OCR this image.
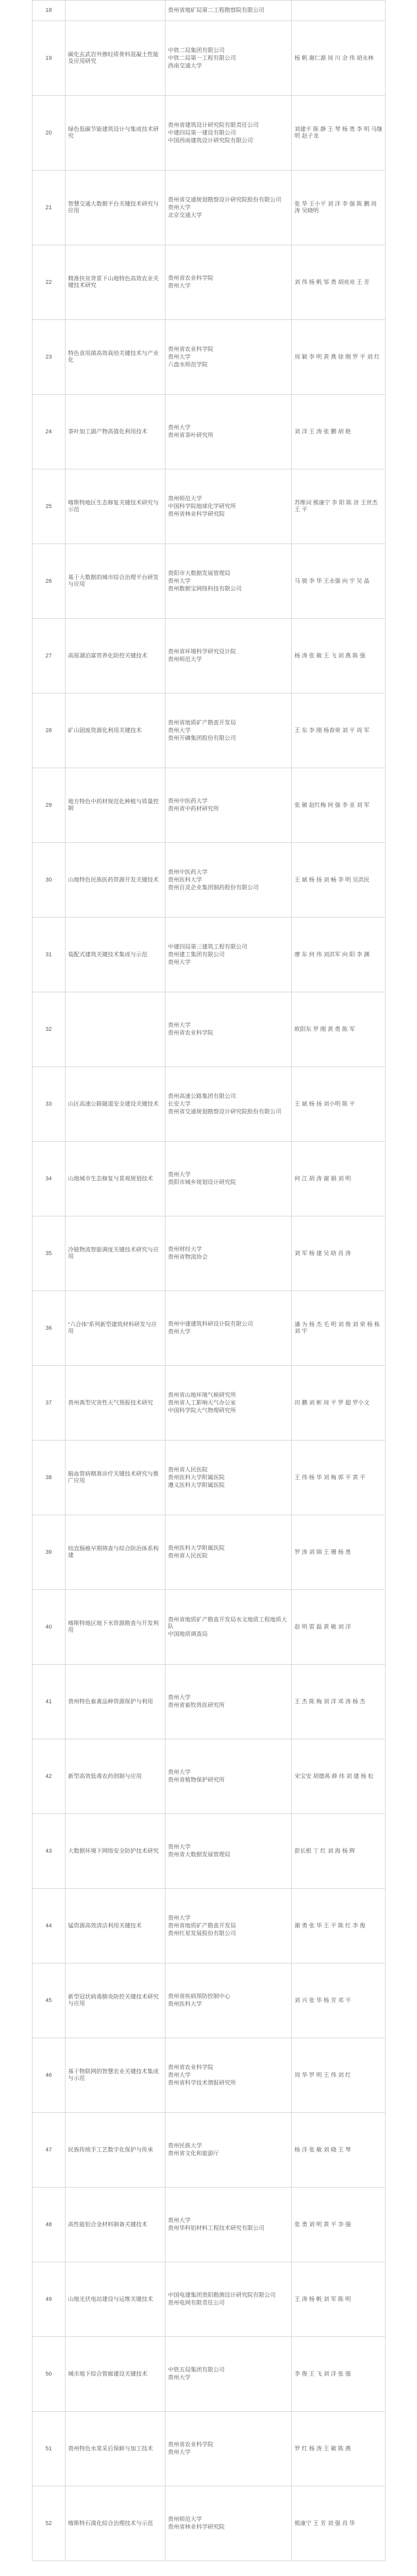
18		贵州省地矿局第二工程勘察院有限公司	

19	碳化玄武岩外掺轻质骨料混凝土性能及应用研究	中铁二局集团有限公司
中铁二局第一工程有限公司
西南交通大学	杨 帆 谢仁源 周 川 余 伟 胡永林
20	绿色低碳节能建筑设计与集成技术研究	贵州省建筑设计研究院有限责任公司
中建四局第一建设有限公司
中国西南建筑设计研究院有限公司	刘建平 陈 静 王 琴 杨 勇 李 明 马继明 赵子龙
21	智慧交通大数据平台关键技术研究与应用	贵州省交通规划勘察设计研究院股份有限公司
贵州大学
北京交通大学	张 华 王小平 刘 洋 李 强 陈 鹏 周 涛 吴晓明
22	精准扶贫背景下山地特色高效农业关键技术研究	贵州省农业科学院
贵州大学	刘 伟 杨 帆 邹 勇 胡亮亮 王 芳
23	特色食用菌高效栽培关键技术与产业化	贵州省农业科学院
贵州大学
六盘水师范学院	周 颖 李 明 黄 燕 徐 刚 罗 平 刘 红
24	茶叶加工副产物高值化利用技术	贵州大学
贵州省茶叶研究所	刘 洋 王 涛 张 鹏 胡 艳
25	喀斯特地区生态修复关键技术研究与示范	贵州师范大学
中国科学院地球化学研究所
贵州省林业科学研究院	苏维词 熊康宁 李 阳 陈 浒 王世杰 王 平
26	基于大数据的城市综合治理平台研发与应用	贵阳市大数据发展管理局
贵州大学
贵州数据宝网络科技有限公司	马 骏 李 华 王永强 向 宇 吴 晶
27	高原湖泊富营养化防控关键技术	贵州省环境科学研究设计院
贵州师范大学	杨 涛 张 敏 王 飞 刘 燕 陈 强
28	矿山固废资源化利用关键技术	贵州省地质矿产勘查开发局
贵州大学
贵州开磷集团股份有限公司	王 东 李 刚 杨春荣 刘 平 周 军
29	地方特色中药材规范化种植与质量控制	贵州中医药大学
贵州省中药材研究所	张 敏 赵红梅 何 强 李 亚 刘 军
30	山地特色民族医药资源开发关键技术	贵州中医药大学
贵州医科大学
贵州百灵企业集团制药股份有限公司	王 斌 杨 扬 刘 畅 李 明 吴洪民
31	装配式建筑关键技术集成与示范	中建四局第三建筑工程有限公司
贵州建工集团有限公司
贵州大学	廖 东 何 伟 刘洪军 向 阳 李 渊
32		贵州大学
贵州省农业科学院	欧阳东 罗 刚 黄 勇 陈 军
33	山区高速公路隧道安全建设关键技术	贵州高速公路集团有限公司
长安大学
贵州省交通规划勘察设计研究院股份有限公司	王 斌 杨 扬 刘小明 陈 平
34	山地城市生态修复与景观规划技术	贵州大学
贵阳市城乡规划设计研究院	何 江 胡 涛 谢 娟 刘 明
35	冷链物流智能调度关键技术研究与应用	贵州财经大学
贵州省物流协会	刘 军 杨 建 吴 晗 肖 涛
36	“六合体”系列新型建筑材料研发与应用	贵州中建建筑科研设计院有限公司
贵州大学	潘 为 杨 杰 毛 明 刘 俊 刘 荣 杨 栋 刘 宇
37	贵州典型灾害性天气预报技术研究	贵州省山地环境气候研究所
贵州省人工影响天气办公室
中国科学院大气物理研究所	田 鹏 刘 彬 周 平 罗 超 罗小文
38	脑血管病精准诊疗关键技术研究与推广应用	贵州省人民医院
贵州医科大学附属医院
遵义医科大学附属医院	王 伟 杨 华 刘 梅 郭 平 黄 平
39	结直肠癌早期筛查与综合防治体系构建	贵州医科大学附属医院
贵州省人民医院	罗 涛 刘 锦 王 珊 杨 勇
40	喀斯特地区地下水资源勘查与开发利用	贵州省地质矿产勘查开发局水文地质工程地质大队
中国地质调查局	赵 明 雷 磊 黄 敏 刘 洋
41	贵州特色畜禽品种资源保护与利用	贵州大学
贵州省畜牧兽医研究所	王 杰 陈 梅 刘 洋 邓 涛 杨 杰
42	新型高效低毒农药创制与应用	贵州大学
贵州省植物保护研究所	宋宝安 胡德禹 薛 伟 刘 建 杨 松
43	大数据环境下网络安全防护技术研究	贵州大学
贵州省大数据发展管理局	彭长根 丁 红 刘 海 杨 辉
44	锰资源高效清洁利用关键技术	贵州大学
贵州省地质矿产勘查开发局
贵州红星发展股份有限公司	谢 勇 张 华 王 平 陈 红 李 俊
45	新型冠状病毒肺炎防控关键技术研究与应用	贵州省疾病预防控制中心
贵州医科大学	刘 兴 张 华 杨 芳 邓 平
46	基于物联网的智慧农业关键技术集成与示范	贵州省农业科学院
贵州大学
贵州省科学技术情报研究所	周 华 罗 明 王 伟 刘 红
47	民族传统手工艺数字化保护与传承	贵州民族大学
贵州省文化和旅游厅	杨 洋 张 敏 刘 晓 王 琴
48	高性能铝合金材料制备关键技术	贵州大学
贵州华科铝材料工程技术研究有限公司	张 勇 刘 明 黄 平 李 强
49	山地光伏电站建设与运维关键技术	中国电建集团贵阳勘测设计研究院有限公司
贵州电网有限责任公司	王 涛 杨 帆 刘 军 陈 明
50	城市地下综合管廊建设关键技术	中铁五局集团有限公司
贵州大学	李 俊 王 飞 刘 洋 张 强
51	贵州特色水果采后保鲜与加工技术	贵州省农业科学院
贵州大学	罗 红 杨 涛 王 敏 陈 燕
52	喀斯特石漠化综合治理技术与示范	贵州师范大学
贵州省林业科学研究院	熊康宁 王 芳 刘 强 肖 华
